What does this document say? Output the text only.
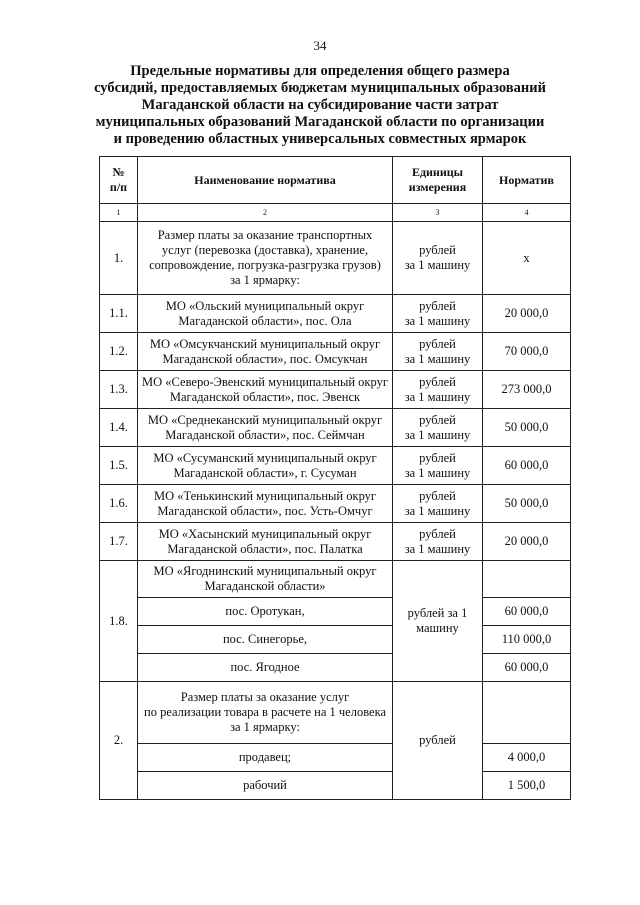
34
Предельные нормативы для определения общего размера
субсидий, предоставляемых бюджетам муниципальных образований
Магаданской области на субсидирование части затрат
муниципальных образований Магаданской области по организации
и проведению областных универсальных совместных ярмарок
№
п/п	Наименование норматива	Единицы
измерения	Норматив
1	2	3	4
1.	Размер платы за оказание транспортных
услуг (перевозка (доставка), хранение,
сопровождение, погрузка-разгрузка грузов)
за 1 ярмарку:	рублей
за 1 машину	х
1.1.	МО «Ольский муниципальный округ
Магаданской области», пос. Ола	рублей
за 1 машину	20 000,0
1.2.	МО «Омсукчанский муниципальный округ
Магаданской области», пос. Омсукчан	рублей
за 1 машину	70 000,0
1.3.	МО «Северо-Эвенский муниципальный округ
Магаданской области», пос. Эвенск	рублей
за 1 машину	273 000,0
1.4.	МО «Среднеканский муниципальный округ
Магаданской области», пос. Сеймчан	рублей
за 1 машину	50 000,0
1.5.	МО «Сусуманский муниципальный округ
Магаданской области», г. Сусуман	рублей
за 1 машину	60 000,0
1.6.	МО «Тенькинский муниципальный округ
Магаданской области», пос. Усть-Омчуг	рублей
за 1 машину	50 000,0
1.7.	МО «Хасынский муниципальный округ
Магаданской области», пос. Палатка	рублей
за 1 машину	20 000,0
1.8.	МО «Ягоднинский муниципальный округ
Магаданской области»	рублей за 1
машину	
	пос. Оротукан,		60 000,0
	пос. Синегорье,		110 000,0
	пос. Ягодное		60 000,0
2.	Размер платы за оказание услуг
по реализации товара в расчете на 1 человека
за 1 ярмарку:	рублей	
	продавец;		4 000,0
	рабочий		1 500,0
